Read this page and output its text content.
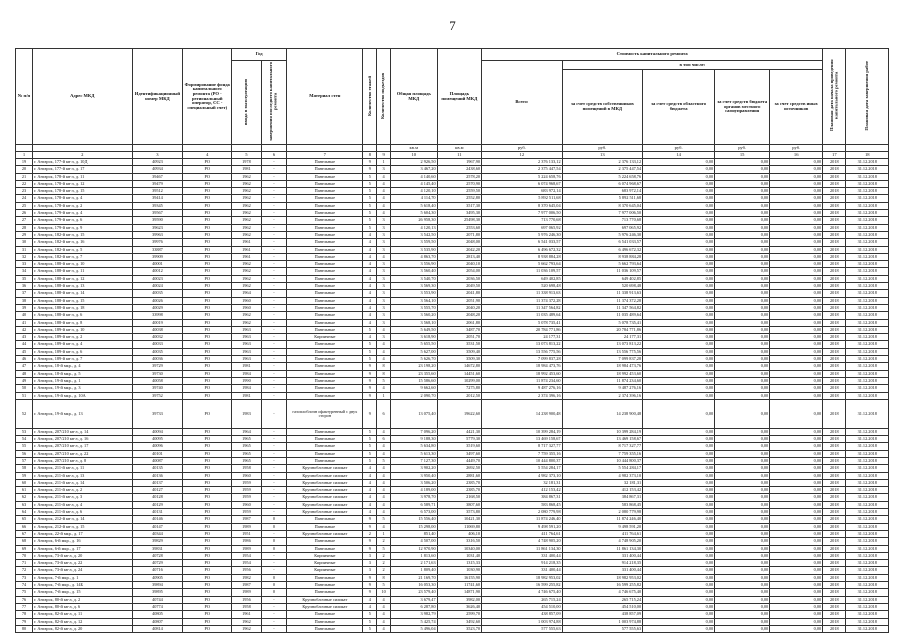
7
№ п/п	Адрес МКД	Идентификационный номер МКД	Формирование фонда капитального ремонта (РО - региональный оператор, СС - специальный счет)	Год		Материал стен	Количество этажей	Количество подъездов	Общая площадь МКД	Площадь помещений МКД	Стоимость капитального ремонта					Плановая дата начала проведения капитального ремонта	Плановая дата завершения работ
				ввода в эксплуатацию	завершения последнего капитального ремонта						Всего:	в том числе:					
												за счет средств собственников помещений в МКД	за счет средств областного бюджета	за счет средств бюджета органов местного самоуправления	за счет средств иных источников		
									кв.м	кв.м	руб.	руб.	руб.	руб.	руб.		
1	2	3	4	5	6	7	8	9	10	11	12	13	14	15	16	17	18
19	г. Ангарск, 177-й кв-л, д. 10Д	40923	РО	1978	-	Панельные	9	1	2 926,50	1967,90	2 376 133,12	2 376 133,12	0,00	0,00	0,00	2018	31.12.2018
20	г. Ангарск, 177-й кв-л, д. 17	40934	РО	1981	-	Панельные	9	3	3 467,20	2438,60	2 375 447,54	2 375 447,54	0,00	0,00	0,00	2018	31.12.2018
21	г. Ангарск, 178-й кв-л, д. 11	39467	РО	1962	-	Панельные	5	4	4 140,60	2578,20	5 224 658,76	5 224 658,76	0,00	0,00	0,00	2018	31.12.2018
22	г. Ангарск, 178-й кв-л, д. 12	39479	РО	1962	-	Панельные	5	4	4 145,40	2570,90	6 074 968,67	6 074 968,67	0,00	0,00	0,00	2018	31.12.2018
23	г. Ангарск, 178-й кв-л, д. 15	39512	РО	1962	-	Панельные	5	4	4 120,10	2559,50	683 972,14	683 972,14	0,00	0,00	0,00	2018	31.12.2018
24	г. Ангарск, 178-й кв-л, д. 4	39414	РО	1962	-	Панельные	5	4	4 114,70	2552,80	5 892 511,68	5 892 511,68	0,00	0,00	0,00	2018	31.12.2018
25	г. Ангарск, 178-й кв-л, д. 2	39345	РО	1962	-	Панельные	5	4	5 618,40	3517,30	8 370 645,04	8 370 645,04	0,00	0,00	0,00	2018	31.12.2018
26	г. Ангарск, 179-й кв-л, д. 4	39567	РО	1962	-	Панельные	5	4	5 604,30	3495,30	7 977 006,50	7 977 006,50	0,00	0,00	0,00	2018	31.12.2018
27	г. Ангарск, 179-й кв-л, д. 6	39590	РО	1962	-	Панельные	5	3	26 958,30	25498,30	713 770,68	713 770,68	0,00	0,00	0,00	2018	31.12.2018
28	г. Ангарск, 179-й кв-л, д. 9	39623	РО	1962	-	Панельные	5	3	4 120,13	2553,60	697 065,92	697 065,92	0,00	0,00	0,00	2018	31.12.2018
29	г. Ангарск, 182-й кв-л, д. 15	39963	РО	1962	-	Панельные	4	3	3 542,50	2071,80	5 976 246,30	5 976 246,30	0,00	0,00	0,00	2018	31.12.2018
30	г. Ангарск, 182-й кв-л, д. 16	39976	РО	1961	-	Панельные	4	3	3 559,50	2048,00	6 541 033,57	6 541 033,57	0,00	0,00	0,00	2018	31.12.2018
31	г. Ангарск, 182-й кв-л, д. 5	33887	РО	1961	-	Панельные	4	3	3 535,90	2042,20	6 496 672,32	6 496 672,32	0,00	0,00	0,00	2018	31.12.2018
32	г. Ангарск, 182-й кв-л, д. 7	39909	РО	1961	-	Панельные	4	4	4 863,70	2813,40	8 938 884,28	8 938 884,28	0,00	0,00	0,00	2018	31.12.2018
33	г. Ангарск, 188-й кв-л, д. 10	40001	РО	1962	-	Панельные	4	3	3 556,90	2040,10	5 662 793,64	5 662 793,64	0,00	0,00	0,00	2018	31.12.2018
34	г. Ангарск, 188-й кв-л, д. 11	40012	РО	1962	-	Панельные	4	3	3 560,40	2054,00	11 036 109,57	11 036 109,57	0,00	0,00	0,00	2018	31.12.2018
35	г. Ангарск, 188-й кв-л, д. 12	40023	РО	1962	-	Панельные	4	3	3 540,70	2036,50	649 402,85	649 402,85	0,00	0,00	0,00	2018	31.12.2018
36	г. Ангарск, 188-й кв-л, д. 13	40024	РО	1962	-	Панельные	4	3	3 569,30	2049,50	520 698,48	520 698,48	0,00	0,00	0,00	2018	31.12.2018
37	г. Ангарск, 188-й кв-л, д. 14	40035	РО	1964	-	Панельные	4	3	3 553,90	2041,80	11 338 913,63	11 338 913,63	0,00	0,00	0,00	2018	31.12.2018
38	г. Ангарск, 188-й кв-л, д. 15	40026	РО	1960	-	Панельные	4	3	3 564,10	2051,90	11 374 372,28	11 374 372,28	0,00	0,00	0,00	2018	31.12.2018
39	г. Ангарск, 188-й кв-л, д. 18	40029	РО	1960	-	Панельные	4	3	3 555,70	2040,20	11 347 564,82	11 347 564,82	0,00	0,00	0,00	2018	31.12.2018
40	г. Ангарск, 188-й кв-л, д. 6	33998	РО	1962	-	Панельные	4	3	3 560,20	2048,20	11 035 489,64	11 035 489,64	0,00	0,00	0,00	2018	31.12.2018
41	г. Ангарск, 188-й кв-л, д. 8	40019	РО	1962	-	Панельные	4	3	3 568,10	2061,80	5 078 735,41	5 078 735,41	0,00	0,00	0,00	2018	31.12.2018
42	г. Ангарск, 189-й кв-л, д. 10	40038	РО	1963	-	Панельные	5	4	5 649,50	3487,70	20 784 771,86	20 784 771,86	0,00	0,00	0,00	2018	31.12.2018
43	г. Ангарск, 189-й кв-л, д. 2	40032	РО	1963	-	Кирпичные	4	3	3 618,90	2051,70	24 177,31	24 177,31	0,00	0,00	0,00	2018	31.12.2018
44	г. Ангарск, 189-й кв-л, д. 4	40033	РО	1963	-	Панельные	5	4	5 655,50	3531,50	13 073 813,22	13 073 813,22	0,00	0,00	0,00	2018	31.12.2018
45	г. Ангарск, 189-й кв-л, д. 6	40035	РО	1963	-	Панельные	5	4	5 627,00	3509,40	13 556 775,56	13 556 775,56	0,00	0,00	0,00	2018	31.12.2018
46	г. Ангарск, 189-й кв-л, д. 7	40036	РО	1963	-	Панельные	5	4	5 626,70	3509,30	7 099 837,28	7 099 837,28	0,00	0,00	0,00	2018	31.12.2018
47	г. Ангарск, 18-й мкр., д. 4	39729	РО	1981	-	Панельные	9	8	23 198,20	14672,80	18 984 473,76	18 984 473,76	0,00	0,00	0,00	2018	31.12.2018
48	г. Ангарск, 18-й мкр., д. 5	39730	РО	1984	-	Панельные	9	8	23 355,60	14451,60	18 992 453,60	18 992 453,60	0,00	0,00	0,00	2018	31.12.2018
49	г. Ангарск, 19-й мкр., д. 1	40058	РО	1990	-	Панельные	9	5	15 586,60	10299,00	11 874 234,60	11 874 234,60	0,00	0,00	0,00	2018	31.12.2018
50	г. Ангарск, 19-й мкр., д. 3	39740	РО	1984	-	Панельные	9	4	9 662,60	7275,80	9 487 276,16	9 487 276,16	0,00	0,00	0,00	2018	31.12.2018
51	г. Ангарск, 19-й мкр., д. 10А	39752	РО	1981	-	Панельные	9	1	2 090,70	2012,50	2 374 396,16	2 374 396,16	0,00	0,00	0,00	2018	31.12.2018
52	г. Ангарск, 19-й мкр., д. 13	39733	РО	1983	-	газоплоблочн офактуренный с двух сторон	9	6	13 075,40	19622,60	14 238 900,48	14 238 900,48	0,00	0,00	0,00	2018	31.12.2018
53	г. Ангарск, 207/210 кв-л, д. 14	40094	РО	1964	-	Панельные	5	4	7 096,20	4421,30	10 399 284,19	10 399 284,19	0,00	0,00	0,00	2018	31.12.2018
54	г. Ангарск, 207/210 кв-л, д. 16	40095	РО	1965	-	Панельные	5	6	9 188,30	5779,30	13 469 158,67	13 469 158,67	0,00	0,00	0,00	2018	31.12.2018
55	г. Ангарск, 207/210 кв-л, д. 17	40096	РО	1965	-	Панельные	5	4	5 634,80	3519,60	8 717 327,77	8 717 327,77	0,00	0,00	0,00	2018	31.12.2018
56	г. Ангарск, 207/210 кв-л, д. 22	40101	РО	1965	-	Панельные	5	4	5 613,30	3497,60	7 759 355,16	7 759 355,16	0,00	0,00	0,00	2018	31.12.2018
57	г. Ангарск, 207/210 кв-л, д. 8	40087	РО	1965	-	Панельные	5	5	7 127,30	4449,70	10 444 800,37	10 444 800,37	0,00	0,00	0,00	2018	31.12.2018
58	г. Ангарск, 211-й кв-л, д. 11	40135	РО	1958	-	Крупноблочные силикат	4	4	3 902,20	2692,50	5 554 284,17	5 554 284,17	0,00	0,00	0,00	2018	31.12.2018
59	г. Ангарск, 211-й кв-л, д. 13	40136	РО	1960	-	Крупноблочные силикат	4	4	3 950,40	2881,60	4 982 373,10	4 982 373,10	0,00	0,00	0,00	2018	31.12.2018
60	г. Ангарск, 211-й кв-л, д. 14	40137	РО	1959	-	Крупноблочные силикат	4	4	3 506,20	2385,70	32 181,31	32 181,31	0,00	0,00	0,00	2018	31.12.2018
61	г. Ангарск, 211-й кв-л, д. 2	40127	РО	1959	-	Крупноблочные силикат	4	4	4 189,00	2385,70	412 153,42	412 153,42	0,00	0,00	0,00	2018	31.12.2018
62	г. Ангарск, 211-й кв-л, д. 3	40128	РО	1959	-	Крупноблочные силикат	4	4	3 978,70	2168,50	384 867,31	384 867,31	0,00	0,00	0,00	2018	31.12.2018
63	г. Ангарск, 211-й кв-л, д. 4	40129	РО	1960	-	Крупноблочные силикат	4	4	6 589,71	3807,60	583 868,45	583 868,45	0,00	0,00	0,00	2018	31.12.2018
64	г. Ангарск, 211-й кв-л, д. 6	40131	РО	1959	-	Крупноблочные силикат	4	4	6 573,00	3573,80	2 080 779,98	2 080 779,98	0,00	0,00	0,00	2018	31.12.2018
65	г. Ангарск, 212-й кв-л, д. 14	40146	РО	1987	0	Панельные	9	5	15 556,40	10421,30	11 874 246,40	11 874 246,40	0,00	0,00	0,00	2018	31.12.2018
66	г. Ангарск, 212-й кв-л, д. 15	40147	РО	1989	0	Панельные	9	4	15 298,00	11069,80	9 498 591,20	9 498 591,20	0,00	0,00	0,00	2018	31.12.2018
67	г. Ангарск, 22-й мкр., д. 17	40344	РО	1951	-	Крупноблочные силикат	2	1	851,40	406,10	411 764,61	411 764,61	0,00	0,00	0,00	2018	31.12.2018
68	г. Ангарск, 6-й мкр., д. 16	39829	РО	1986	0	Панельные	9	2	4 507,00	3316,50	4 748 905,20	4 748 905,20	0,00	0,00	0,00	2018	31.12.2018
69	г. Ангарск, 6-й мкр., д. 17	39831	РО	1989	0	Панельные	9	5	12 970,90	10340,00	11 861 134,30	11 861 134,30	0,00	0,00	0,00	2018	31.12.2018
70	г. Ангарск, 73-й кв-л, д. 20	40728	РО	1954	-	Кирпичные	3	2	1 813,60	1031,40	331 400,44	331 400,44	0,00	0,00	0,00	2018	31.12.2018
71	г. Ангарск, 73-й кв-л, д. 22	40729	РО	1954	-	Кирпичные	3	2	2 171,63	1315,33	914 218,35	914 218,35	0,00	0,00	0,00	2018	31.12.2018
72	г. Ангарск, 73-й кв-л, д. 24	40716	РО	1956	-	Кирпичные	3	2	1 809,40	1030,90	331 400,44	331 400,44	0,00	0,00	0,00	2018	31.12.2018
73	г. Ангарск, 7-й мкр., д. 1	40905	РО	1982	0	Панельные	9	8	21 169,70	16155,90	18 982 953,02	18 982 953,02	0,00	0,00	0,00	2018	31.12.2018
74	г. Ангарск, 7-й мкр., д. 14Б	39894	РО	1987	0	Панельные	9	5	16 053,30	11741,60	16 599 255,82	16 599 255,82	0,00	0,00	0,00	2018	31.12.2018
75	г. Ангарск, 7-й мкр., д. 15	39895	РО	1989	0	Панельные	9	10	23 579,40	14871,90	4 746 675,40	4 746 675,40	0,00	0,00	0,00	2018	31.12.2018
76	г. Ангарск, 80-й кв-л, д. 2	40744	РО	1956	-	Крупноблочные силикат	4	4	3 679,47	3982,00	265 715,24	265 715,24	0,00	0,00	0,00	2018	31.12.2018
77	г. Ангарск, 80-й кв-л, д. 6	40774	РО	1958	-	Крупноблочные силикат	4	4	6 287,80	3626,40	454 510,00	454 510,00	0,00	0,00	0,00	2018	31.12.2018
78	г. Ангарск, 82-й кв-л, д. 11	40805	РО	1961	-	Панельные	5	4	3 982,79	2599,70	438 857,09	438 857,09	0,00	0,00	0,00	2018	31.12.2018
79	г. Ангарск, 82-й кв-л, д. 12	40807	РО	1962	-	Панельные	5	4	5 425,74	3492,60	1 003 974,88	1 003 974,88	0,00	0,00	0,00	2018	31.12.2018
80	г. Ангарск, 82-й кв-л, д. 20	40814	РО	1962	-	Панельные	5	4	5 496,04	3523,70	577 555,63	577 555,63	0,00	0,00	0,00	2018	31.12.2018
